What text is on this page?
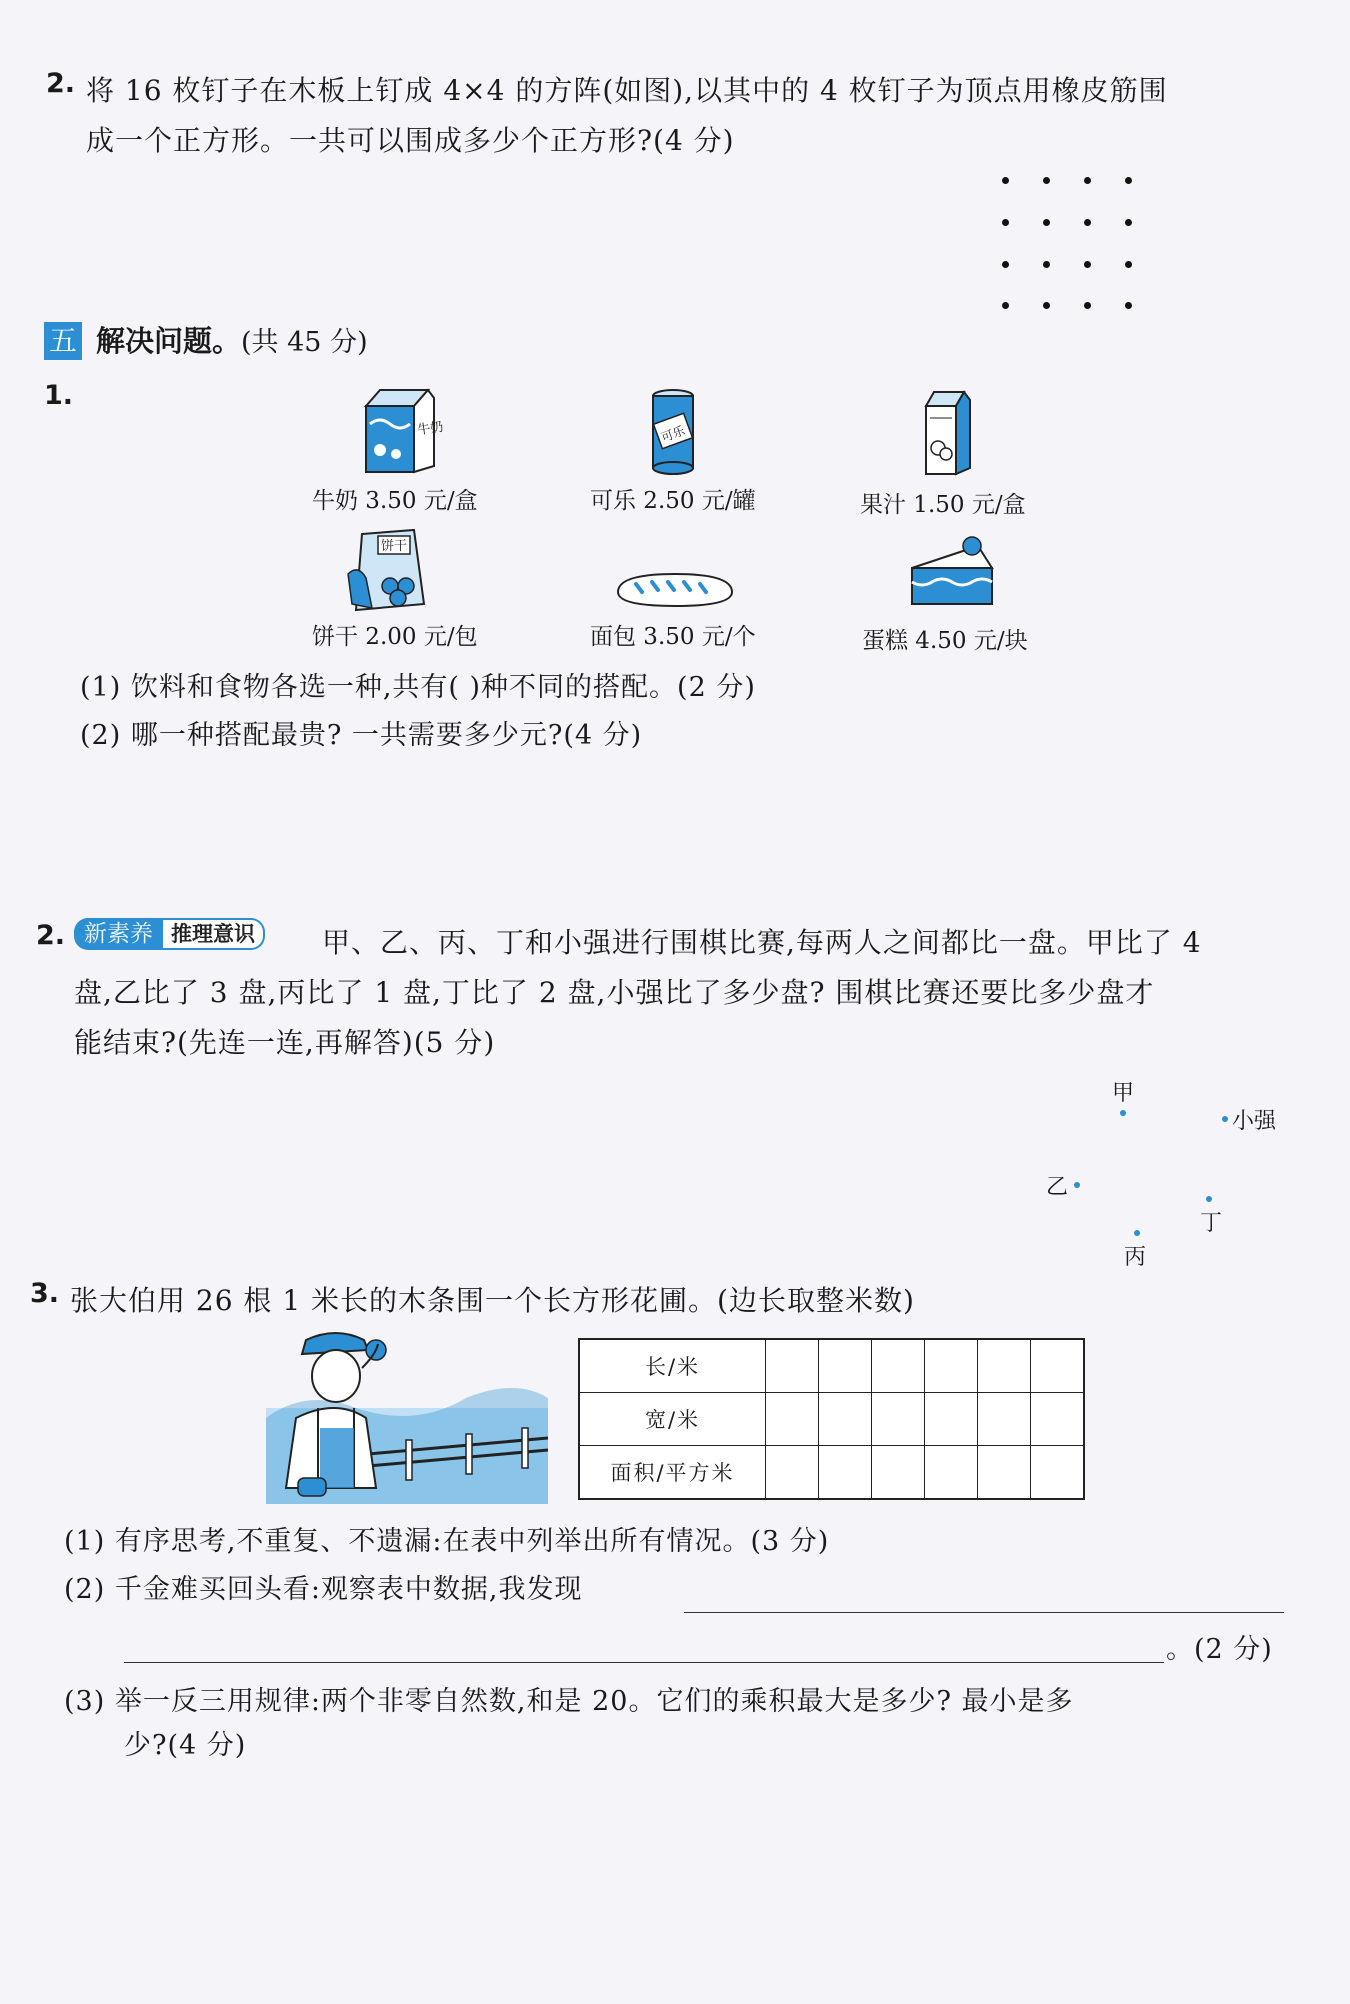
2. 将 16 枚钉子在木板上钉成 4×4 的方阵(如图),以其中的 4 枚钉子为顶点用橡皮筋围
成一个正方形。一共可以围成多少个正方形?(4 分)
五 解决问题。(共 45 分)
1.
牛奶	可乐
牛奶 3.50 元/盒	可乐 2.50 元/罐	果汁 1.50 元/盒
饼干
饼干 2.00 元/包	面包 3.50 元/个	蛋糕 4.50 元/块
(1) 饮料和食物各选一种,共有( )种不同的搭配。(2 分)
(2) 哪一种搭配最贵? 一共需要多少元?(4 分)
2. 新素养 推理意识	甲、乙、丙、丁和小强进行围棋比赛,每两人之间都比一盘。甲比了 4
盘,乙比了 3 盘,丙比了 1 盘,丁比了 2 盘,小强比了多少盘? 围棋比赛还要比多少盘才
能结束?(先连一连,再解答)(5 分)
甲
小强
乙
丁
丙
3. 张大伯用 26 根 1 米长的木条围一个长方形花圃。(边长取整米数)
长/米						
宽/米						
面积/平方米						
(1) 有序思考,不重复、不遗漏:在表中列举出所有情况。(3 分)
(2) 千金难买回头看:观察表中数据,我发现
。(2 分)
(3) 举一反三用规律:两个非零自然数,和是 20。它们的乘积最大是多少? 最小是多
少?(4 分)
